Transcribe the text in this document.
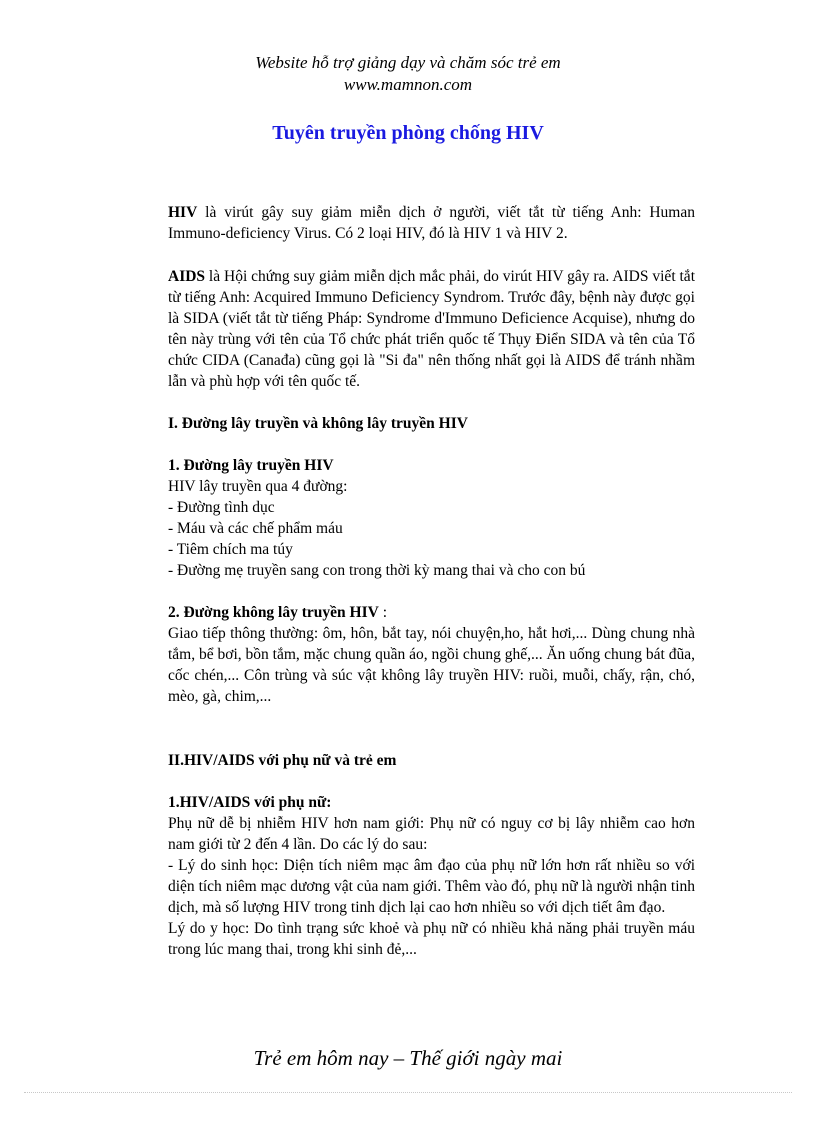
Website hỗ trợ giảng dạy và chăm sóc trẻ em
www.mamnon.com
Tuyên truyền phòng chống HIV

HIV là virút gây suy giảm miễn dịch ở người, viết tắt từ tiếng Anh: Human Immuno-deficiency Virus. Có 2 loại HIV, đó là HIV 1 và HIV 2.

AIDS là Hội chứng suy giảm miễn dịch mắc phải, do virút HIV gây ra. AIDS viết tắt từ tiếng Anh: Acquired Immuno Deficiency Syndrom. Trước đây, bệnh này được gọi là SIDA (viết tắt từ tiếng Pháp: Syndrome d'Immuno Deficience Acquise), nhưng do tên này trùng với tên của Tổ chức phát triển quốc tế Thụy Điển SIDA và tên của Tổ chức CIDA (Canađa) cũng gọi là "Si đa" nên thống nhất gọi là AIDS để tránh nhầm lẫn và phù hợp với tên quốc tế.

I. Đường lây truyền và không lây truyền HIV

1. Đường lây truyền HIV

HIV lây truyền qua 4 đường:

- Đường tình dục

- Máu và các chế phẩm máu

- Tiêm chích ma túy

- Đường mẹ truyền sang con trong thời kỳ mang thai và cho con bú

2. Đường không lây truyền HIV :

Giao tiếp thông thường: ôm, hôn, bắt tay, nói chuyện,ho, hắt hơi,... Dùng chung nhà tắm, bể bơi, bồn tắm, mặc chung quần áo, ngồi chung ghế,... Ăn uống chung bát đũa, cốc chén,... Côn trùng và súc vật không lây truyền HIV: ruồi, muỗi, chấy, rận, chó, mèo, gà, chim,...

II.HIV/AIDS với phụ nữ và trẻ em

1.HIV/AIDS với phụ nữ:

Phụ nữ dễ bị nhiễm HIV hơn nam giới: Phụ nữ có nguy cơ bị lây nhiễm cao hơn nam giới từ 2 đến 4 lần. Do các lý do sau:

- Lý do sinh học: Diện tích niêm mạc âm đạo của phụ nữ lớn hơn rất nhiều so với diện tích niêm mạc dương vật của nam giới. Thêm vào đó, phụ nữ là người nhận tinh dịch, mà số lượng HIV trong tinh dịch lại cao hơn nhiều so với dịch tiết âm đạo.

Lý do y học: Do tình trạng sức khoẻ và phụ nữ có nhiều khả năng phải truyền máu trong lúc mang thai, trong khi sinh đẻ,...

Trẻ em hôm nay – Thế giới ngày mai
